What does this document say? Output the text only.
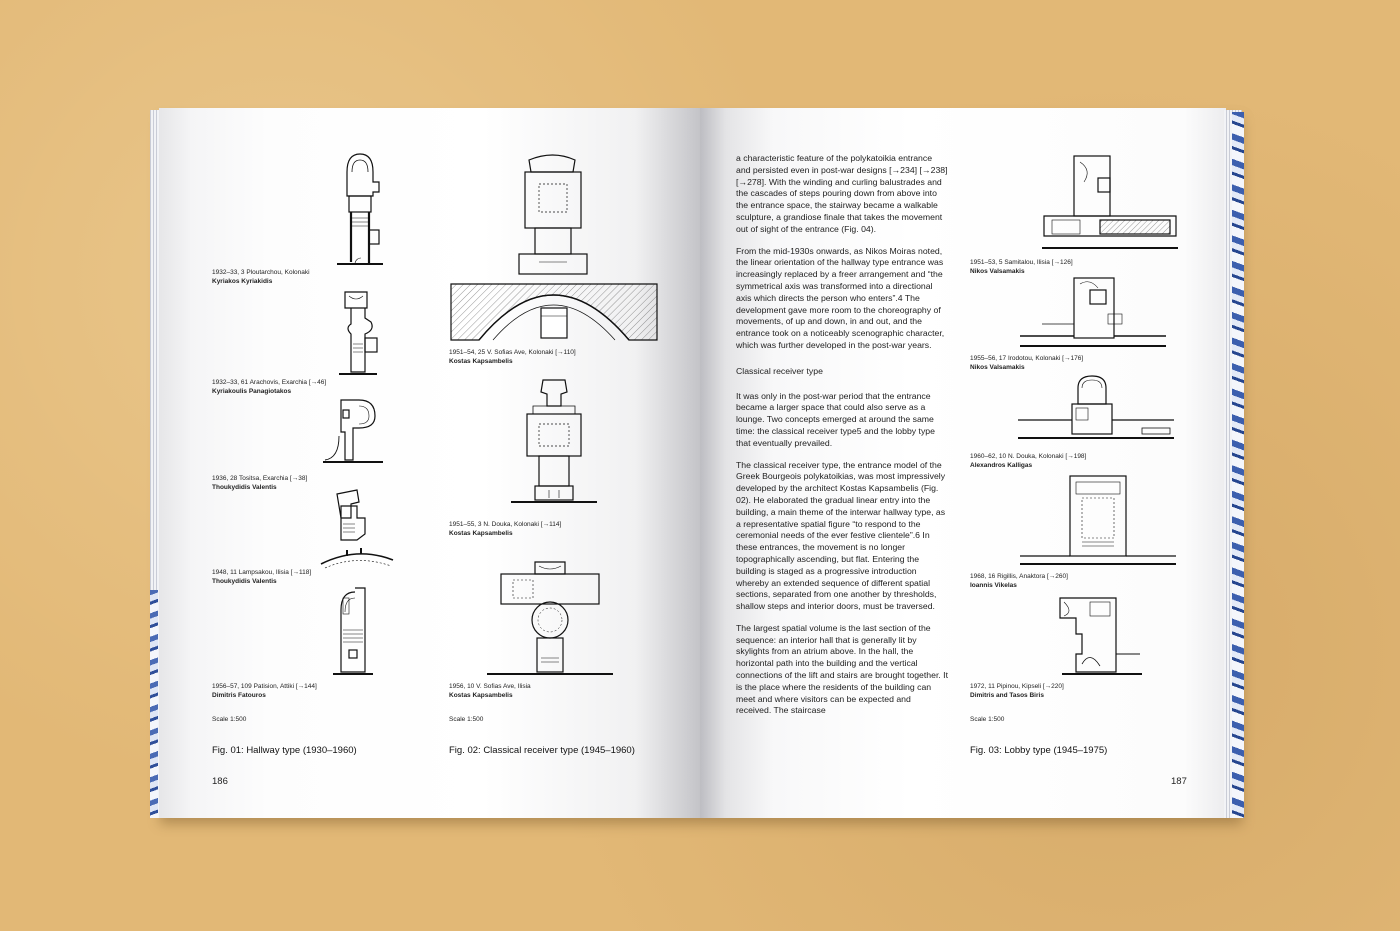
1932–33, 3 Ploutarchou, Kolonaki
Kyriakos Kyriakidis
1932–33, 61 Arachovis, Exarchia [→46]
Kyriakoulis Panagiotakos
1936, 28 Tositsa, Exarchia [→38]
Thoukydidis Valentis
1948, 11 Lampsakou, Ilisia [→118]
Thoukydidis Valentis
1956–57, 109 Patision, Attiki [→144]
Dimitris Fatouros
Scale 1:500
Fig. 01: Hallway type (1930–1960)
1951–54, 25 V. Sofias Ave, Kolonaki [→110]
Kostas Kapsambelis
1951–55, 3 N. Douka, Kolonaki [→114]
Kostas Kapsambelis
1956, 10 V. Sofias Ave, Ilisia
Kostas Kapsambelis
Scale 1:500
Fig. 02: Classical receiver type (1945–1960)
186

a characteristic feature of the polykatoikia entrance and persisted even in post-war designs [→234] [→238] [→278]. With the winding and curling balustrades and the cascades of steps pouring down from above into the entrance space, the stairway became a walkable sculpture, a grandiose finale that takes the movement out of sight of the entrance (Fig. 04).

From the mid-1930s onwards, as Nikos Moiras noted, the linear orientation of the hallway type entrance was increasingly replaced by a freer arrangement and “the symmetrical axis was transformed into a directional axis which directs the person who enters”.4 The development gave more room to the choreography of movements, of up and down, in and out, and the entrance took on a noticeably scenographic character, which was further developed in the post-war years.

Classical receiver type

It was only in the post-war period that the entrance became a larger space that could also serve as a lounge. Two concepts emerged at around the same time: the classical receiver type5 and the lobby type that eventually prevailed.

The classical receiver type, the entrance model of the Greek Bourgeois polykatoikias, was most impressively developed by the architect Kostas Kapsambelis (Fig. 02). He elaborated the gradual linear entry into the building, a main theme of the interwar hallway type, as a representative spatial figure “to respond to the ceremonial needs of the ever festive clientele”.6 In these entrances, the movement is no longer topographically ascending, but flat. Entering the building is staged as a progressive introduction whereby an extended sequence of different spatial sections, separated from one another by thresholds, shallow steps and interior doors, must be traversed.

The largest spatial volume is the last section of the sequence: an interior hall that is generally lit by skylights from an atrium above. In the hall, the horizontal path into the building and the vertical connections of the lift and stairs are brought together. It is the place where the residents of the building can meet and where visitors can be expected and received. The staircase

1951–53, 5 Samitalou, Ilisia [→126]
Nikos Valsamakis
1955–56, 17 Irodotou, Kolonaki [→176]
Nikos Valsamakis
1960–62, 10 N. Douka, Kolonaki [→198]
Alexandros Kalligas
1968, 16 Rigillis, Anaktora [→260]
Ioannis Vikelas
1972, 11 Pipinou, Kipseli [→220]
Dimitris and Tasos Biris
Scale 1:500
Fig. 03: Lobby type (1945–1975)
187
